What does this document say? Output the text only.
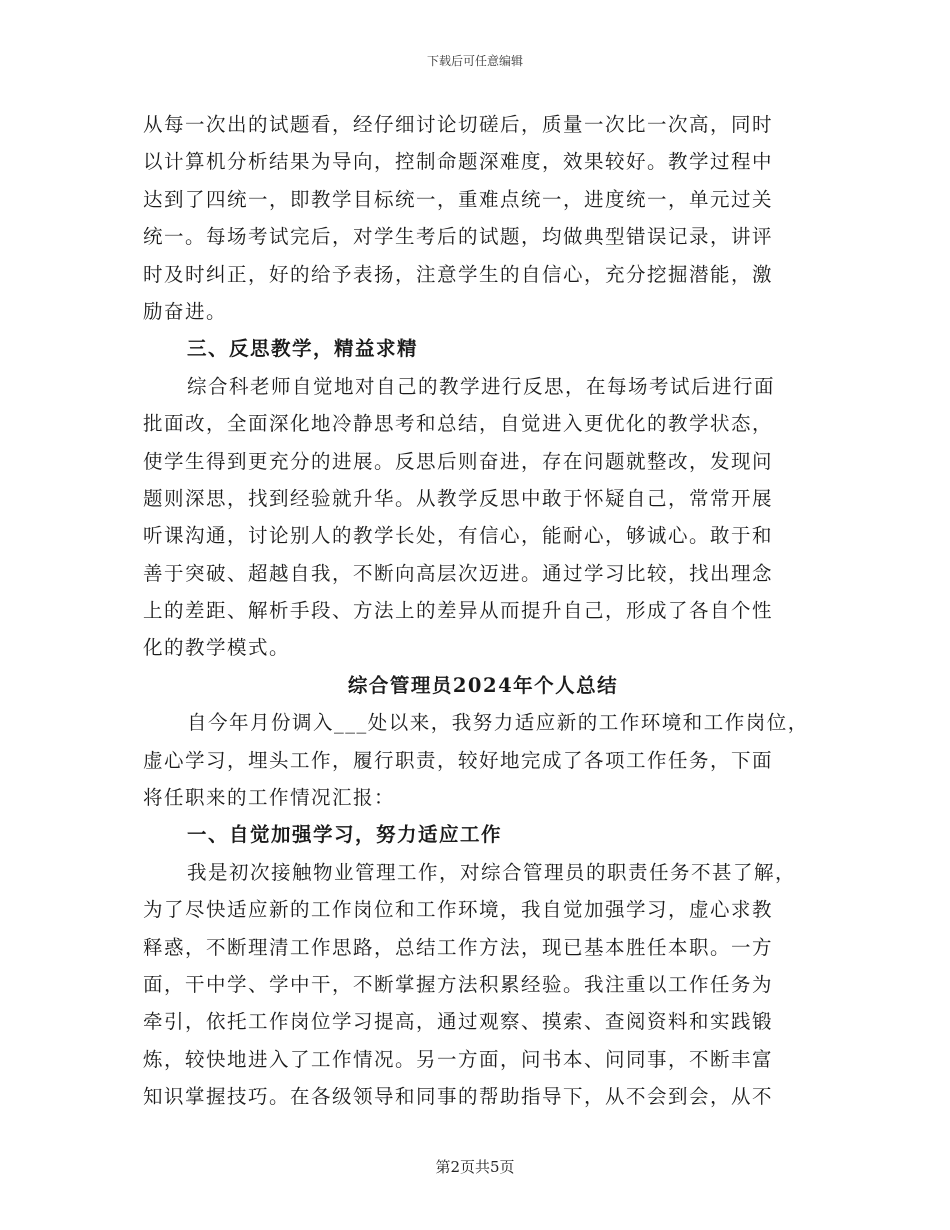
下载后可任意编辑
从每一次出的试题看，经仔细讨论切磋后，质量一次比一次高，同时
以计算机分析结果为导向，控制命题深难度，效果较好。教学过程中
达到了四统一，即教学目标统一，重难点统一，进度统一，单元过关
统一。每场考试完后，对学生考后的试题，均做典型错误记录，讲评
时及时纠正，好的给予表扬，注意学生的自信心，充分挖掘潜能，激
励奋进。
三、反思教学，精益求精
综合科老师自觉地对自己的教学进行反思，在每场考试后进行面
批面改，全面深化地冷静思考和总结，自觉进入更优化的教学状态，
使学生得到更充分的进展。反思后则奋进，存在问题就整改，发现问
题则深思，找到经验就升华。从教学反思中敢于怀疑自己，常常开展
听课沟通，讨论别人的教学长处，有信心，能耐心，够诚心。敢于和
善于突破、超越自我，不断向高层次迈进。通过学习比较，找出理念
上的差距、解析手段、方法上的差异从而提升自己，形成了各自个性
化的教学模式。
综合管理员2024年个人总结
自今年月份调入___处以来，我努力适应新的工作环境和工作岗位，
虚心学习，埋头工作，履行职责，较好地完成了各项工作任务，下面
将任职来的工作情况汇报：
一、自觉加强学习，努力适应工作
我是初次接触物业管理工作，对综合管理员的职责任务不甚了解，
为了尽快适应新的工作岗位和工作环境，我自觉加强学习，虚心求教
释惑，不断理清工作思路，总结工作方法，现已基本胜任本职。一方
面，干中学、学中干，不断掌握方法积累经验。我注重以工作任务为
牵引，依托工作岗位学习提高，通过观察、摸索、查阅资料和实践锻
炼，较快地进入了工作情况。另一方面，问书本、问同事，不断丰富
知识掌握技巧。在各级领导和同事的帮助指导下，从不会到会，从不
第2页共5页
